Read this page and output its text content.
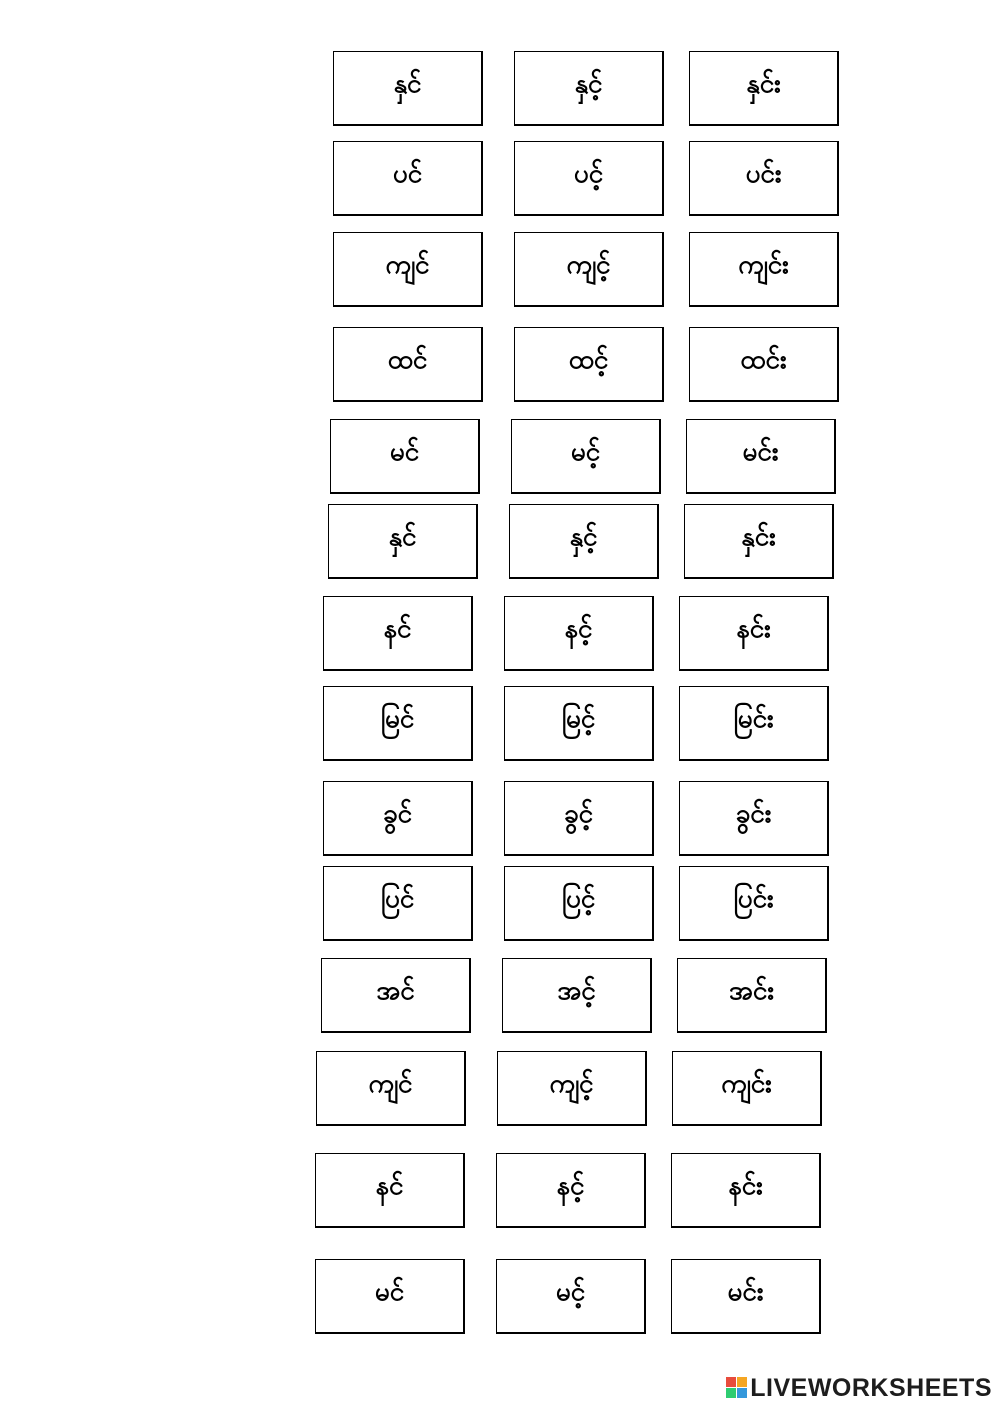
နှင်	နှင့်	နှင်း
ပင်	ပင့်	ပင်း
ကျင်	ကျင့်	ကျင်း
ထင်	ထင့်	ထင်း
မင်	မင့်	မင်း
နှင်	နှင့်	နှင်း
နင်	နင့်	နင်း
မြင်	မြင့်	မြင်း
ခွင်	ခွင့်	ခွင်း
ပြင်	ပြင့်	ပြင်း
အင်	အင့်	အင်း
ကျင်	ကျင့်	ကျင်း
နင်	နင့်	နင်း
မင်	မင့်	မင်း
LIVEWORKSHEETS
